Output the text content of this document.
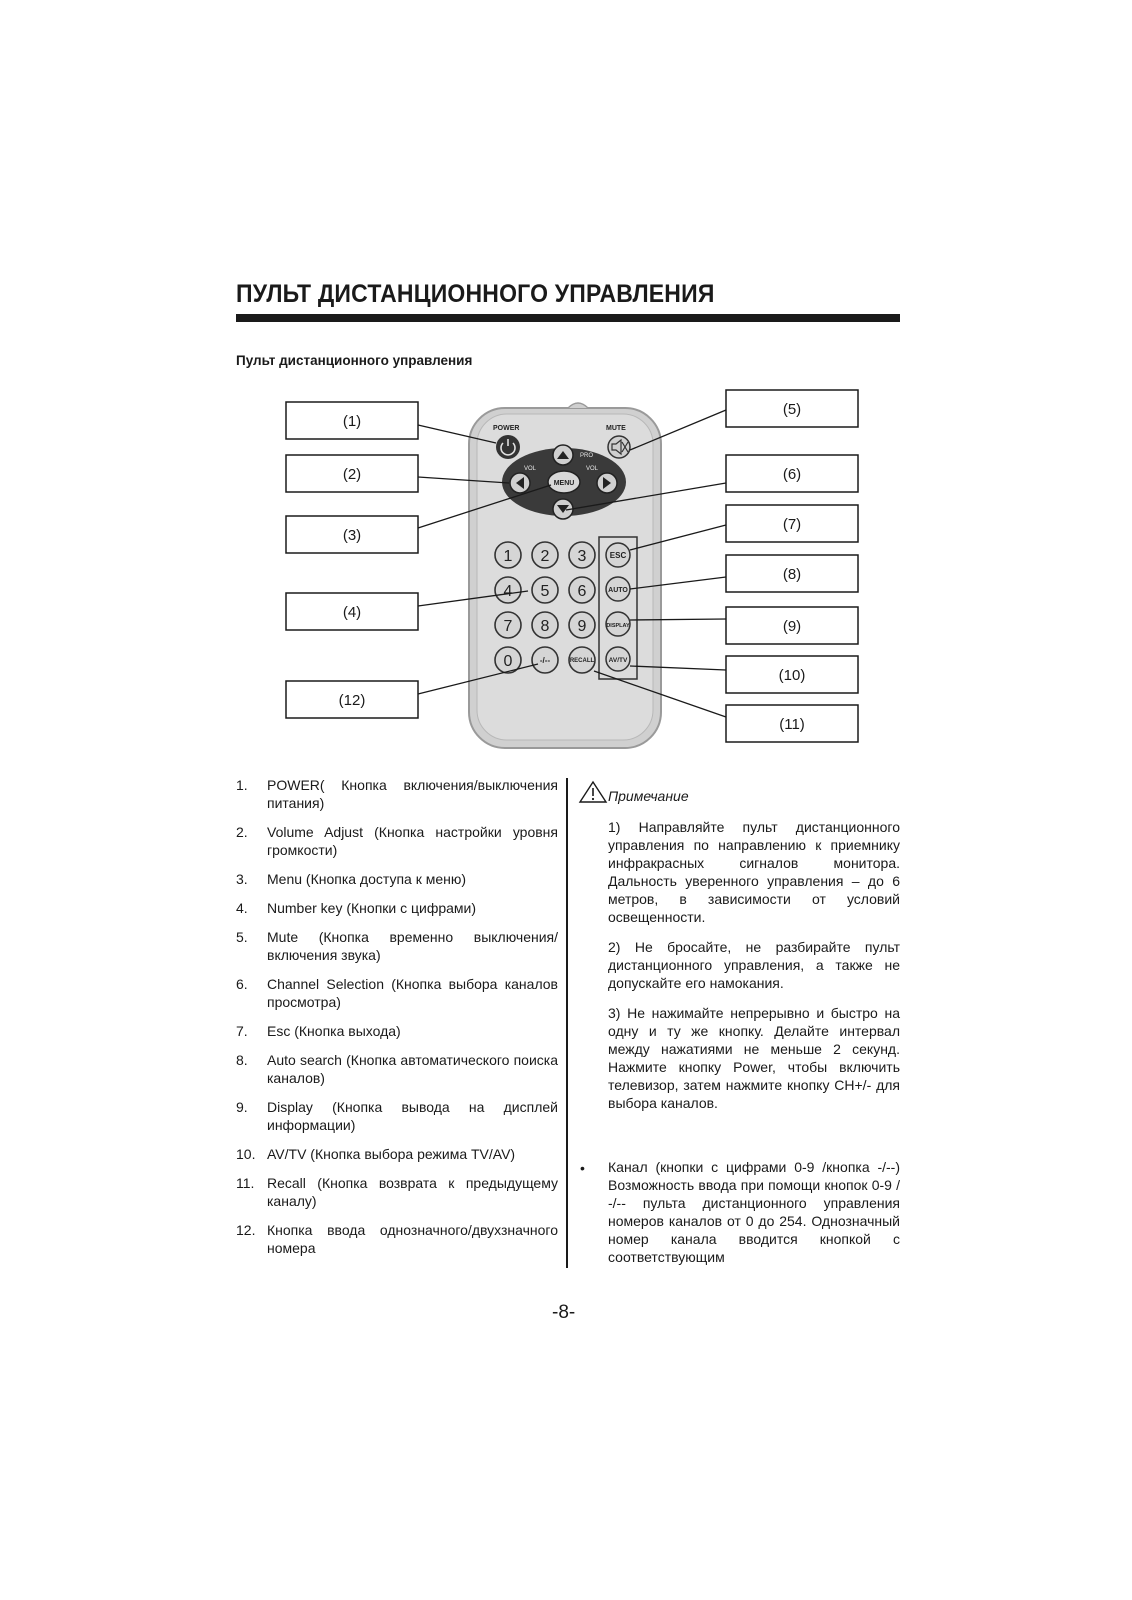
ПУЛЬТ ДИСТАНЦИОННОГО УПРАВЛЕНИЯ
Пульт дистанционного управления
POWER	MUTE
MENU
PRO
VOL	VOL
1 2 3
4 5 6
7 8 9
0	-/--	RECALL
ESC
AUTO
DISPLAY
AV/TV
(1)
(2)
(3)
(4)
(5)
(6)
(7)
(8)
(9)
(10)
(11)
(12)
1.	POWER( Кнопка включения/выключения питания)
2.	Volume Adjust (Кнопка настройки уровня громкости)
3.	Menu (Кнопка доступа к меню)
4.	Number key (Кнопки с цифрами)
5.	Mute (Кнопка временно выключения/включения звука)
6.	Channel Selection (Кнопка выбора каналов просмотра)
7.	Esc (Кнопка выхода)
8.	Auto search (Кнопка автоматического поиска каналов)
9.	Display (Кнопка вывода на дисплей информации)
10. AV/TV (Кнопка выбора режима TV/AV)
11. Recall (Кнопка возврата к предыдущему каналу)
12. Кнопка ввода однозначного/двухзначного номера
Примечание

1) Направляйте пульт дистанционного управления по направлению к приемнику инфракрасных сигналов монитора. Дальность уверенного управления – до 6 метров, в зависимости от условий освещенности.

2) Не бросайте, не разбирайте пульт дистанционного управления, а также не допускайте его намокания.

3) Не нажимайте непрерывно и быстро на одну и ту же кнопку. Делайте интервал между нажатиями не меньше 2 секунд. Нажмите кнопку Power, чтобы включить телевизор, затем нажмите кнопку CH+/- для выбора каналов.

• Канал (кнопки с цифрами 0-9 /кнопка -/--) Возможность ввода при помощи кнопок 0-9 / -/-- пульта дистанционного управления номеров каналов от 0 до 254. Однозначный номер канала вводится кнопкой с соответствующим
-8-
